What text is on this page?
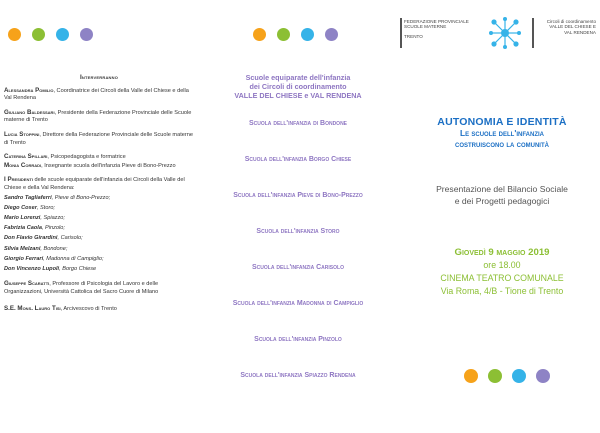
Interverranno
Alessandra Pomilio, Coordinatrice dei Circoli della Valle del Chiese e della Val Rendena
Giuliano Baldessari, Presidente della Federazione Provinciale delle Scuole materne di Trento
Lucia Stoppini, Direttore della Federazione Provinciale delle Scuole materne di Trento
Caterina Spillari, Psicopedagogista e formatrice
Monia Corradi, Insegnante scuola dell'infanzia Pieve di Bono-Prezzo
I Presidenti delle scuole equiparate dell'infanzia dei Circoli della Valle del Chiese e della Val Rendena:
Sandro Tagliaferri, Pieve di Bono-Prezzo;
Diego Coser, Storo;
Mario Lorenzi, Spiazzo;
Fabrizia Caola, Pinzolo;
Don Flavio Girardini, Carisolo;
Silvia Melzani, Bondone;
Giorgio Ferrari, Madonna di Campiglio;
Don Vincenzo Lupoli, Borgo Chiese
Giuseppe Scaratti, Professore di Psicologia del Lavoro e delle Organizzazioni, Università Cattolica del Sacro Cuore di Milano
S.E. Mons. Lauro Tisi, Arcivescovo di Trento
Scuole equiparate dell'infanzia
dei Circoli di coordinamento
VALLE DEL CHIESE e VAL RENDENA
Scuola dell'infanzia di Bondone
Scuola dell'infanzia Borgo Chiese
Scuola dell'infanzia Pieve di Bono-Prezzo
Scuola dell'infanzia Storo
Scuola dell'infanzia Carisolo
Scuola dell'infanzia Madonna di Campiglio
Scuola dell'infanzia Pinzolo
Scuola dell'infanzia Spiazzo Rendena
FEDERAZIONE PROVINCIALE
SCUOLE MATERNE
TRENTO
Circoli di coordinamento
VALLE DEL CHIESE E
VAL RENDENA
AUTONOMIA E IDENTITÀ
Le scuole dell'infanzia
costruiscono la comunità
Presentazione del Bilancio Sociale
e dei Progetti pedagogici
Giovedì 9 maggio 2019
ore 18.00
CINEMA TEATRO COMUNALE
Via Roma, 4/B - Tione di Trento
